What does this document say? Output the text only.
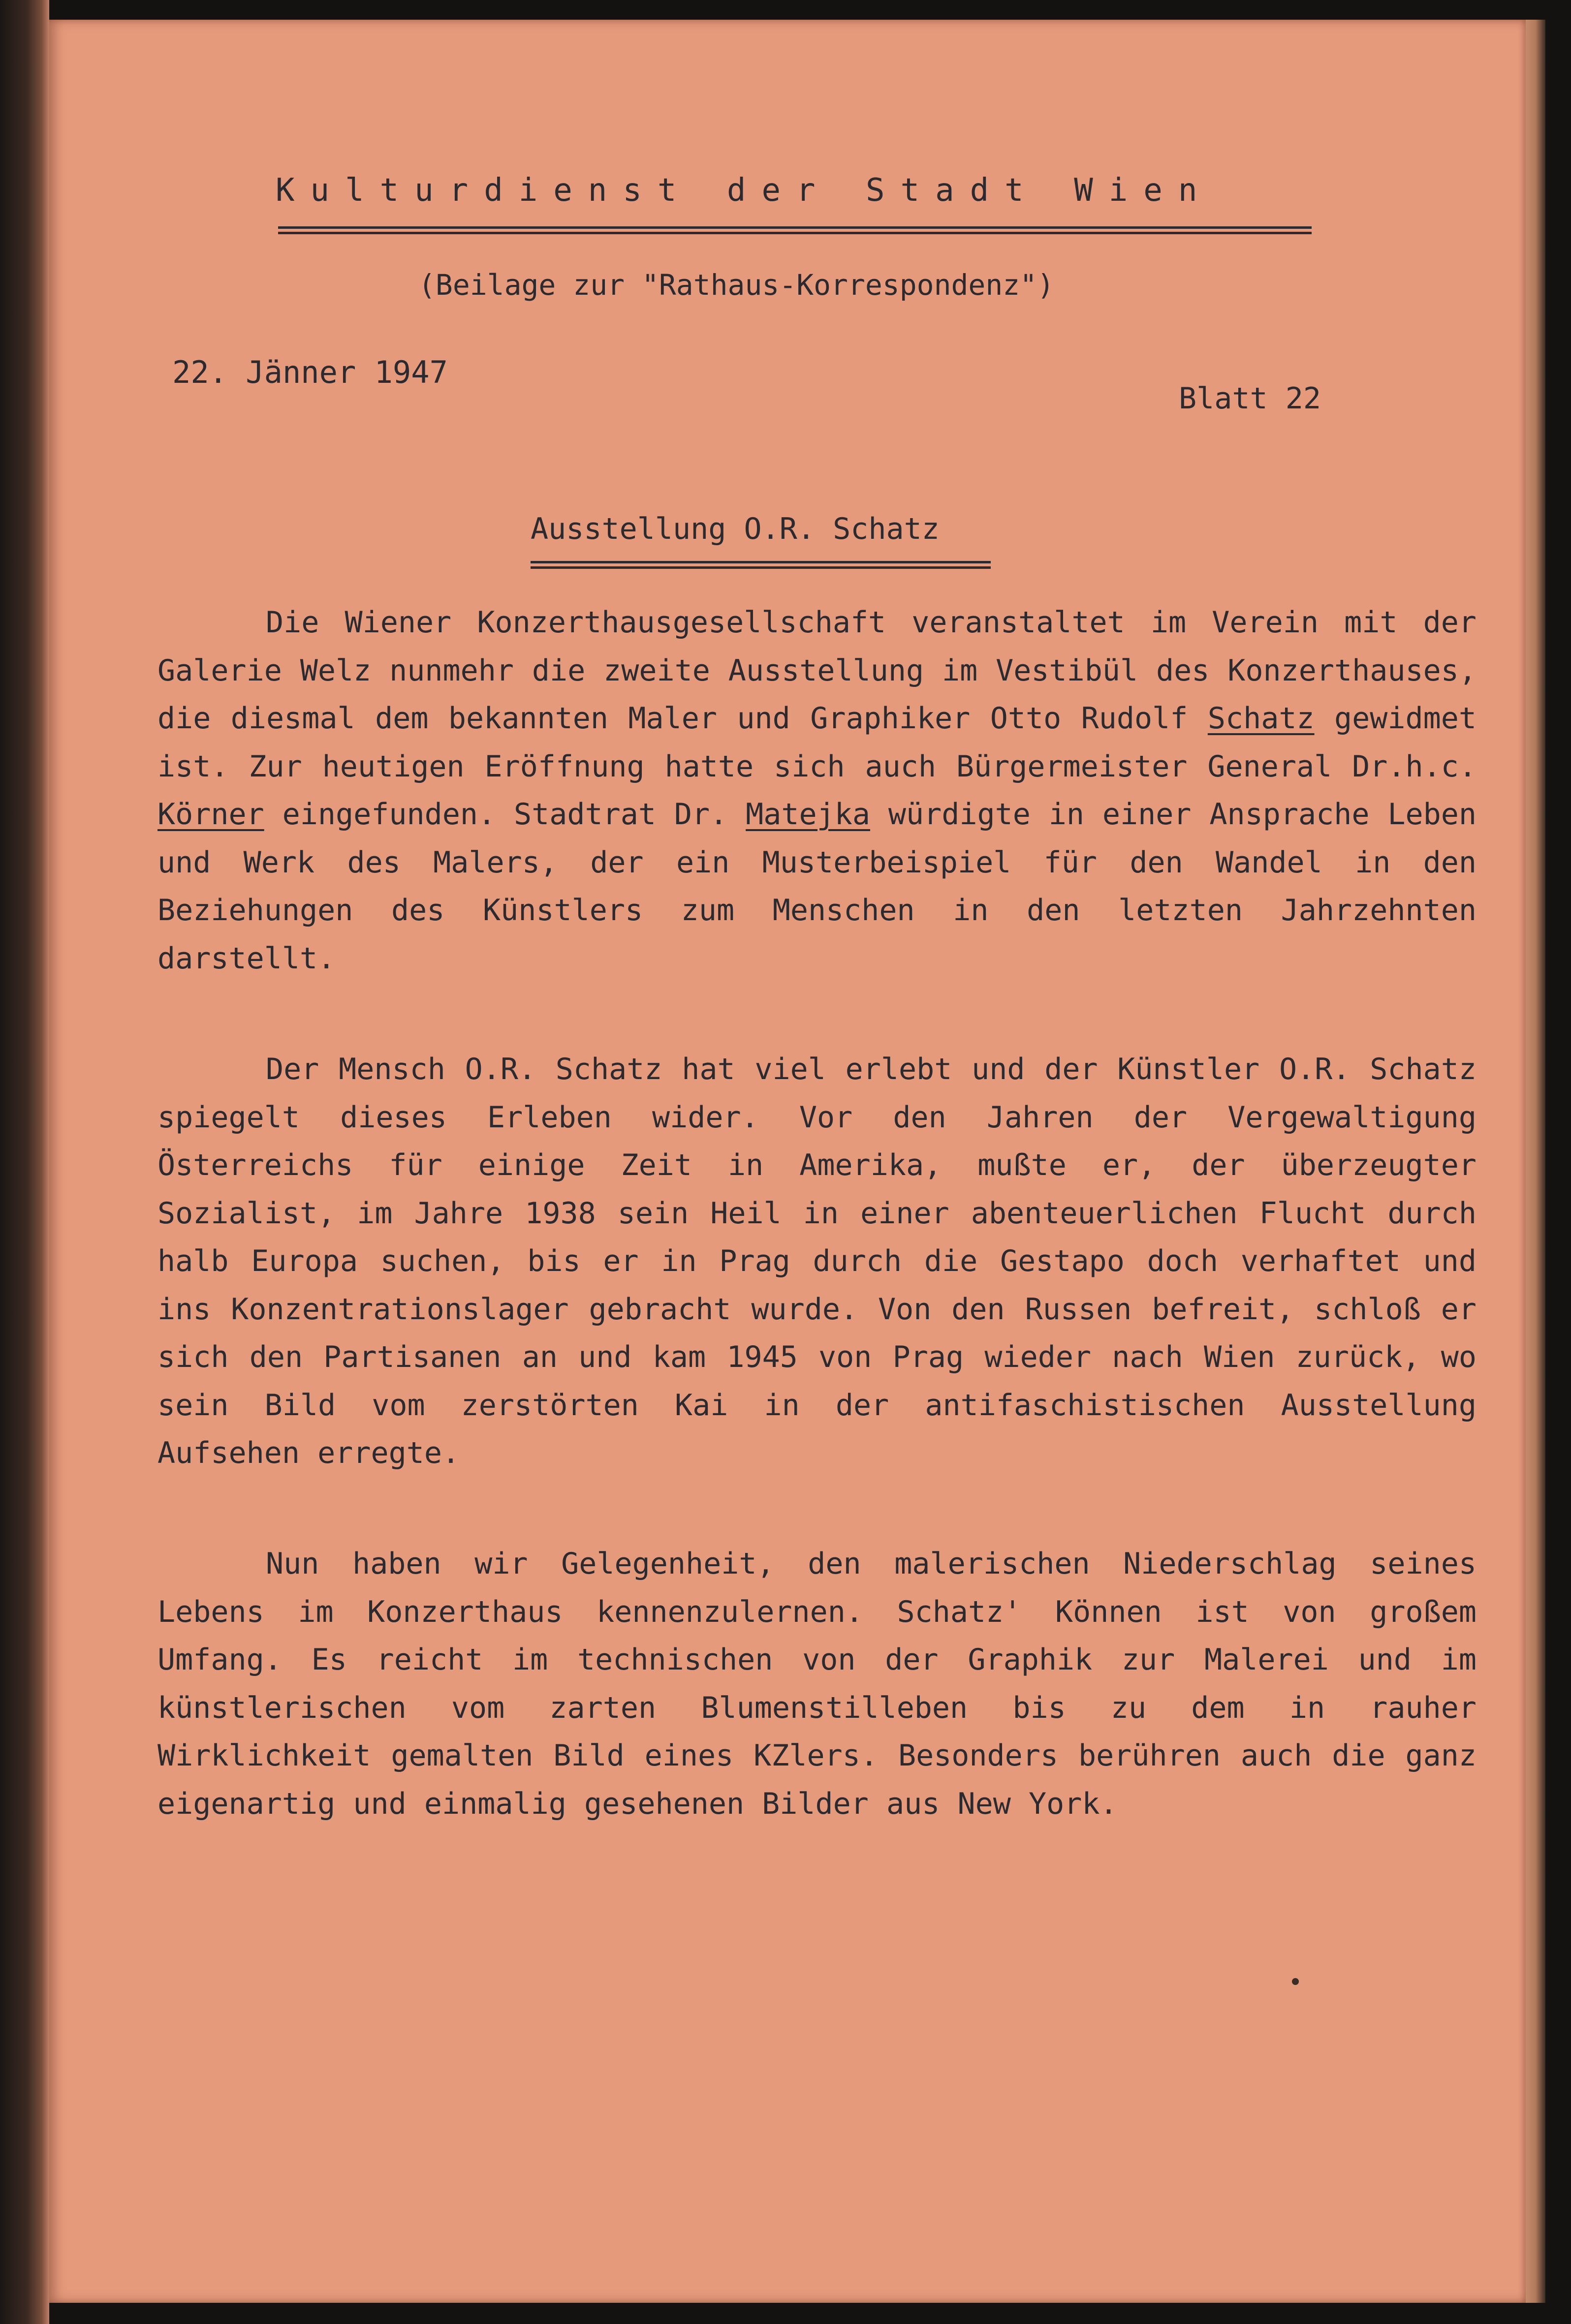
Kulturdienst der Stadt Wien
(Beilage zur "Rathaus-Korrespondenz")
22. Jänner 1947
Blatt 22
Ausstellung O.R. Schatz

Die Wiener Konzerthausgesellschaft veranstaltet im Verein mit der Galerie Welz nunmehr die zweite Ausstellung im Vestibül des Konzerthauses, die diesmal dem bekannten Maler und Graphiker Otto Rudolf Schatz gewidmet ist. Zur heutigen Eröffnung hatte sich auch Bürgermeister General Dr.h.c. Körner eingefunden. Stadtrat Dr. Matejka würdigte in einer Ansprache Leben und Werk des Malers, der ein Musterbeispiel für den Wandel in den Beziehungen des Künstlers zum Menschen in den letzten Jahrzehnten darstellt.

Der Mensch O.R. Schatz hat viel erlebt und der Künstler O.R. Schatz spiegelt dieses Erleben wider. Vor den Jahren der Vergewaltigung Österreichs für einige Zeit in Amerika, mußte er, der überzeugter Sozialist, im Jahre 1938 sein Heil in einer abenteuerlichen Flucht durch halb Europa suchen, bis er in Prag durch die Gestapo doch verhaftet und ins Konzentrationslager gebracht wurde. Von den Russen befreit, schloß er sich den Partisanen an und kam 1945 von Prag wieder nach Wien zurück, wo sein Bild vom zerstörten Kai in der antifaschistischen Ausstellung Aufsehen erregte.

Nun haben wir Gelegenheit, den malerischen Niederschlag seines Lebens im Konzerthaus kennenzulernen. Schatz' Können ist von großem Umfang. Es reicht im technischen von der Graphik zur Malerei und im künstlerischen vom zarten Blumenstilleben bis zu dem in rauher Wirklichkeit gemalten Bild eines KZlers. Besonders berühren auch die ganz eigenartig und einmalig gesehenen Bilder aus New York.
